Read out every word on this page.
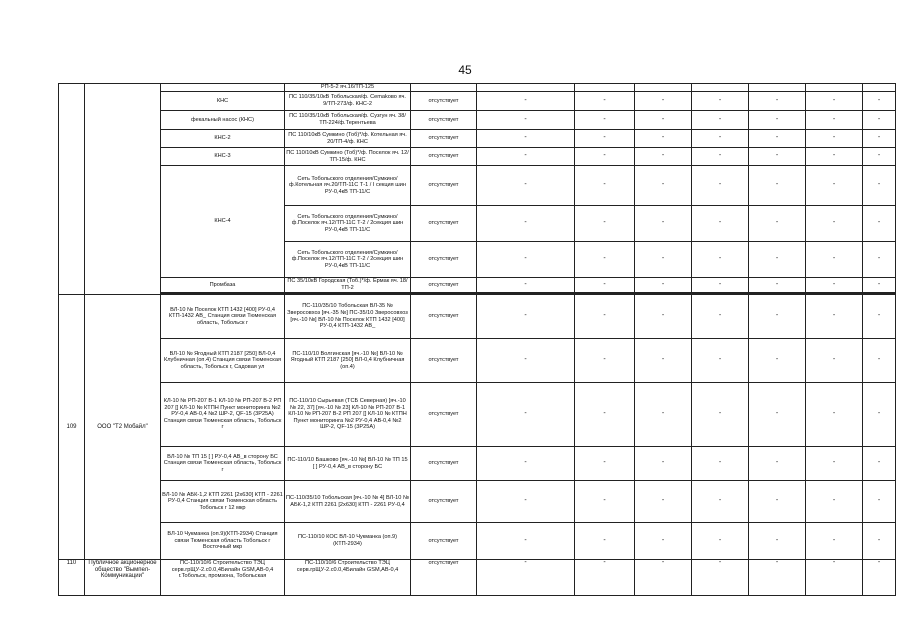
45
			РП-5-2 яч.16/ТП-125								
		КНС	ПС 110/35/10кВ Тобольская/ф. Сemakово яч. 9/ТП-273/ф. КНС-2	отсутствует	-	-	-	-	-	-	-
		фекальный насос (КНС)	ПС 110/35/10кВ Тобольская/ф. Сузгун яч. 38/ТП-224/ф.Терентьева	отсутствует	-	-	-	-	-	-	-
		КНС-2	ПС 110/10кВ Сумкино (Тоб)*/ф. Котельная яч. 20/ТП-4/ф. КНС	отсутствует	-	-	-	-	-	-	-
		КНС-3	ПС 110/10кВ Сумкино (Тоб)*/ф. Поселок яч. 12/ТП-15/ф. КНС	отсутствует	-	-	-	-	-	-	-
		КНС-4	Сеть Тобольского отделения/Сумкино/ф.Котельная яч.20/ТП-11С Т-1 / I секция шин РУ-0,4кВ ТП-11/С	отсутствует	-	-	-	-	-	-	-
			Сеть Тобольского отделения/Сумкино/ф.Поселок яч.12/ТП-11С Т-2 / 2секция шин РУ-0,4кВ ТП-11/С	отсутствует	-	-	-	-	-	-	-
			Сеть Тобольского отделения/Сумкино/ф.Поселок яч.12/ТП-11С Т-2 / 2секция шин РУ-0,4кВ ТП-11/С	отсутствует	-	-	-	-	-	-	-
		Промбаза	ПС 35/10кВ Городская (Тоб.)*/ф. Ермак яч. 18/ТП-2	отсутствует	-	-	-	-	-	-	-

109	ООО "Т2 Мобайл"	ВЛ-10 № Поселок КТП 1432 [400] РУ-0,4 КТП-1432 АВ_ Станция связи Тюменская область, Тобольск г	ПС-110/35/10 Тобольская ВЛ-35 № Зверосовхоз [яч.-35 №] ПС-35/10 Зверосовхоз [яч.-10 №] ВЛ-10 № Поселок КТП 1432 [400] РУ-0,4 КТП-1432 АВ_	отсутствует	-	-	-	-	-	-	-
		ВЛ-10 № Ягодный КТП 2187 [250] ВЛ-0,4 Клубничная (оп.4) Станция связи Тюменская область, Тобольск г, Садовая ул	ПС-110/10 Волгинская [яч.-10 №] ВЛ-10 № Ягодный КТП 2187 [250] ВЛ-0,4 Клубничная (оп.4)	отсутствует	-	-	-	-	-	-	-
		КЛ-10 № РП-207 В-1 КЛ-10 № РП-207 В-2 РП 207 [] КЛ-10 № КТПН Пункт мониторинга №2 РУ-0,4 АВ-0,4 №2 ШР-2, QF-15 (3Р25А) Станция связи Тюменская область, Тобольск г	ПС-110/10 Сырьевая (ТСБ Северная) [яч.-10 № 22, 37] [яч.-10 № 23] КЛ-10 № РП-207 В-1 КЛ-10 № РП-207 В-2 РП 207 [] КЛ-10 № КТПН Пункт мониторинга №2 РУ-0,4 АВ-0,4 №2 ШР-2, QF-15 (3Р25А)	отсутствует	-	-	-	-	-	-	-
		ВЛ-10 № ТП 15 [ ] РУ-0,4 АВ_в сторону БС Станция связи Тюменская область, Тобольск г	ПС-110/10 Башково [яч.-10 №] ВЛ-10 № ТП 15 [ ] РУ-0,4 АВ_в сторону БС	отсутствует	-	-	-	-	-	-	-
		ВЛ-10 № АБК-1,2 КТП 2261 [2х630] КТП - 2261 РУ-0,4 Станция связи Тюменская область Тобольск г 12 мкр	ПС-110/35/10 Тобольская [яч.-10 № 4] ВЛ-10 № АБК-1,2 КТП 2261 [2х630] КТП - 2261 РУ-0,4	отсутствует	-	-	-	-	-	-	-
		ВЛ-10 Чукманка (оп.9)(КТП-2934) Станция связи Тюменская область Тобольск г Восточный мкр	ПС-110/10 КОС ВЛ-10 Чукманка (оп.9)(КТП-2934)	отсутствует	-	-	-	-	-	-	-
110	Публичное акционерное общество "Вымпел-Коммуникации"	ПС-110/10/6 Строительство ТЭЦ серв.грЩУ-2.с0.0,4Билайн GSM,АВ-0,4 г.Тобольск, промзона, Тобольская	ПС-110/10/6 Строительство ТЭЦ серв.грЩУ-2.с0.0,4Билайн GSM,АВ-0,4	отсутствует	-	-	-	-	-	-	-
